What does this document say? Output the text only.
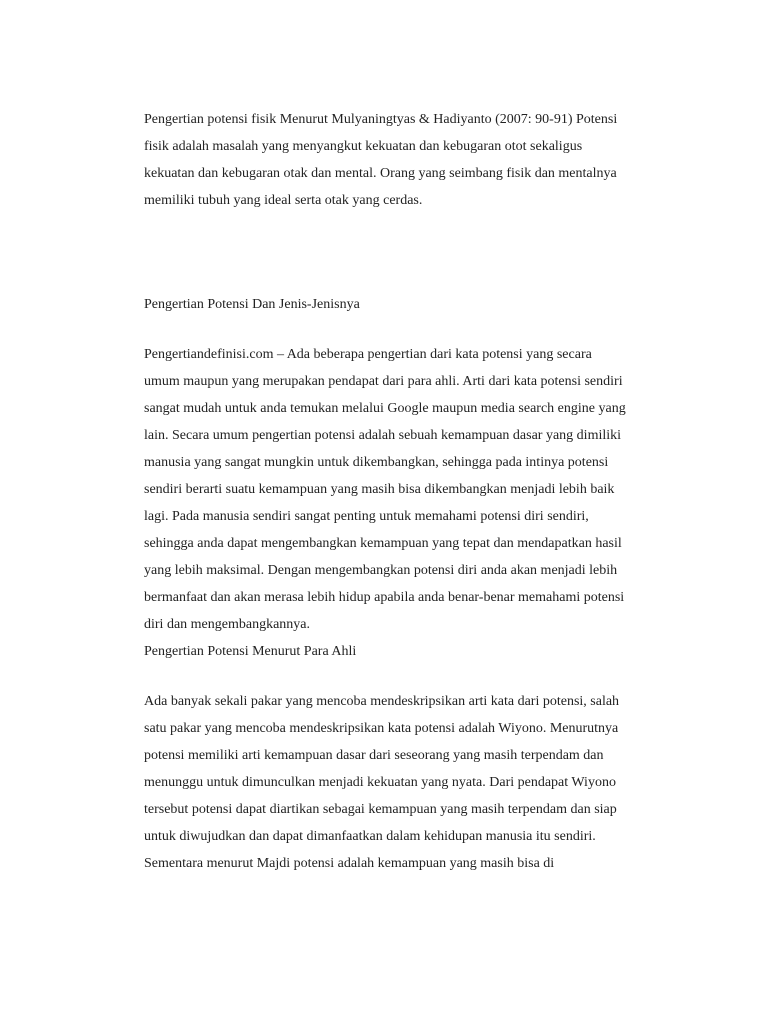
Pengertian potensi fisik Menurut Mulyaningtyas & Hadiyanto (2007: 90-91) Potensi
fisik adalah masalah yang menyangkut kekuatan dan kebugaran otot sekaligus
kekuatan dan kebugaran otak dan mental. Orang yang seimbang fisik dan mentalnya
memiliki tubuh yang ideal serta otak yang cerdas.

Pengertian Potensi Dan Jenis-Jenisnya

Pengertiandefinisi.com – Ada beberapa pengertian dari kata potensi yang secara
umum maupun yang merupakan pendapat dari para ahli. Arti dari kata potensi sendiri
sangat mudah untuk anda temukan melalui Google maupun media search engine yang
lain. Secara umum pengertian potensi adalah sebuah kemampuan dasar yang dimiliki
manusia yang sangat mungkin untuk dikembangkan, sehingga pada intinya potensi
sendiri berarti suatu kemampuan yang masih bisa dikembangkan menjadi lebih baik
lagi. Pada manusia sendiri sangat penting untuk memahami potensi diri sendiri,
sehingga anda dapat mengembangkan kemampuan yang tepat dan mendapatkan hasil
yang lebih maksimal. Dengan mengembangkan potensi diri anda akan menjadi lebih
bermanfaat dan akan merasa lebih hidup apabila anda benar-benar memahami potensi
diri dan mengembangkannya.

Pengertian Potensi Menurut Para Ahli

Ada banyak sekali pakar yang mencoba mendeskripsikan arti kata dari potensi, salah
satu pakar yang mencoba mendeskripsikan kata potensi adalah Wiyono. Menurutnya
potensi memiliki arti kemampuan dasar dari seseorang yang masih terpendam dan
menunggu untuk dimunculkan menjadi kekuatan yang nyata. Dari pendapat Wiyono
tersebut potensi dapat diartikan sebagai kemampuan yang masih terpendam dan siap
untuk diwujudkan dan dapat dimanfaatkan dalam kehidupan manusia itu sendiri.
Sementara menurut Majdi potensi adalah kemampuan yang masih bisa di
